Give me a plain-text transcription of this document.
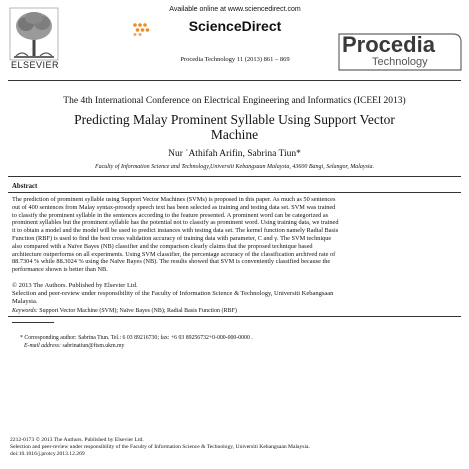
ELSEVIER
Available online at www.sciencedirect.com
ScienceDirect
Procedia Technology 11 (2013) 861 – 869
Procedia
Technology
The 4th International Conference on Electrical Engineering and Informatics (ICEEI 2013)
Predicting Malay Prominent Syllable Using Support Vector
Machine
Nur ʿAthifah Arifin, Sabrina Tiun*
Faculty of Information Science and Technology,Universiti Kebangsaan Malaysia, 43600 Bangi, Selangor, Malaysia.
Abstract
The prediction of prominent syllable using Support Vector Machines (SVMs) is proposed in this paper. As much as 50 sentences
out of 400 sentences from Malay syntax-prosody speech text has been selected as training and testing data set. SVM was trained
to classify the prominent syllable in the sentences according to the feature presented. A prominent word can be categorized as
prominent syllables but the prominent syllable has the potential not to classify as prominent word. Using training data, we trained
it to obtain a model and the model will be used to predict instances with testing data set. The kernel function namely Radial Basis
Function (RBF) is used to find the best cross validation accuracy of training data with parameter, C and γ. The SVM technique
also compared with a Naïve Bayes (NB) classifier and the comparison clearly claims that the proposed technique based
architecture outperforms on all experiments. Using SVM classifier, the percentage accuracy of the classification archived rate of
88.7304 % while 88.3024 % using the Naïve Bayes (NB). The results showed that SVM is conveniently classified because the
performance shown is better than NB.
© 2013 The Authors. Published by Elsevier Ltd.
Selection and peer-review under responsibility of the Faculty of Information Science & Technology, Universiti Kebangsaan
Malaysia.
Keywords: Support Vector Machine (SVM); Naïve Bayes (NB); Radial Basis Function (RBF)
* Corresponding author: Sabrina Tiun. Tel.: 6 03 89216730; fax: +6 03 89256732+0-000-000-0000 .
E-mail address: sabrinatiun@ftsm.ukm.my
2212-0173 © 2013 The Authors. Published by Elsevier Ltd.
Selection and peer-review under responsibility of the Faculty of Information Science & Technology, Universiti Kebangsaan Malaysia.
doi:10.1016/j.protcy.2013.12.269
